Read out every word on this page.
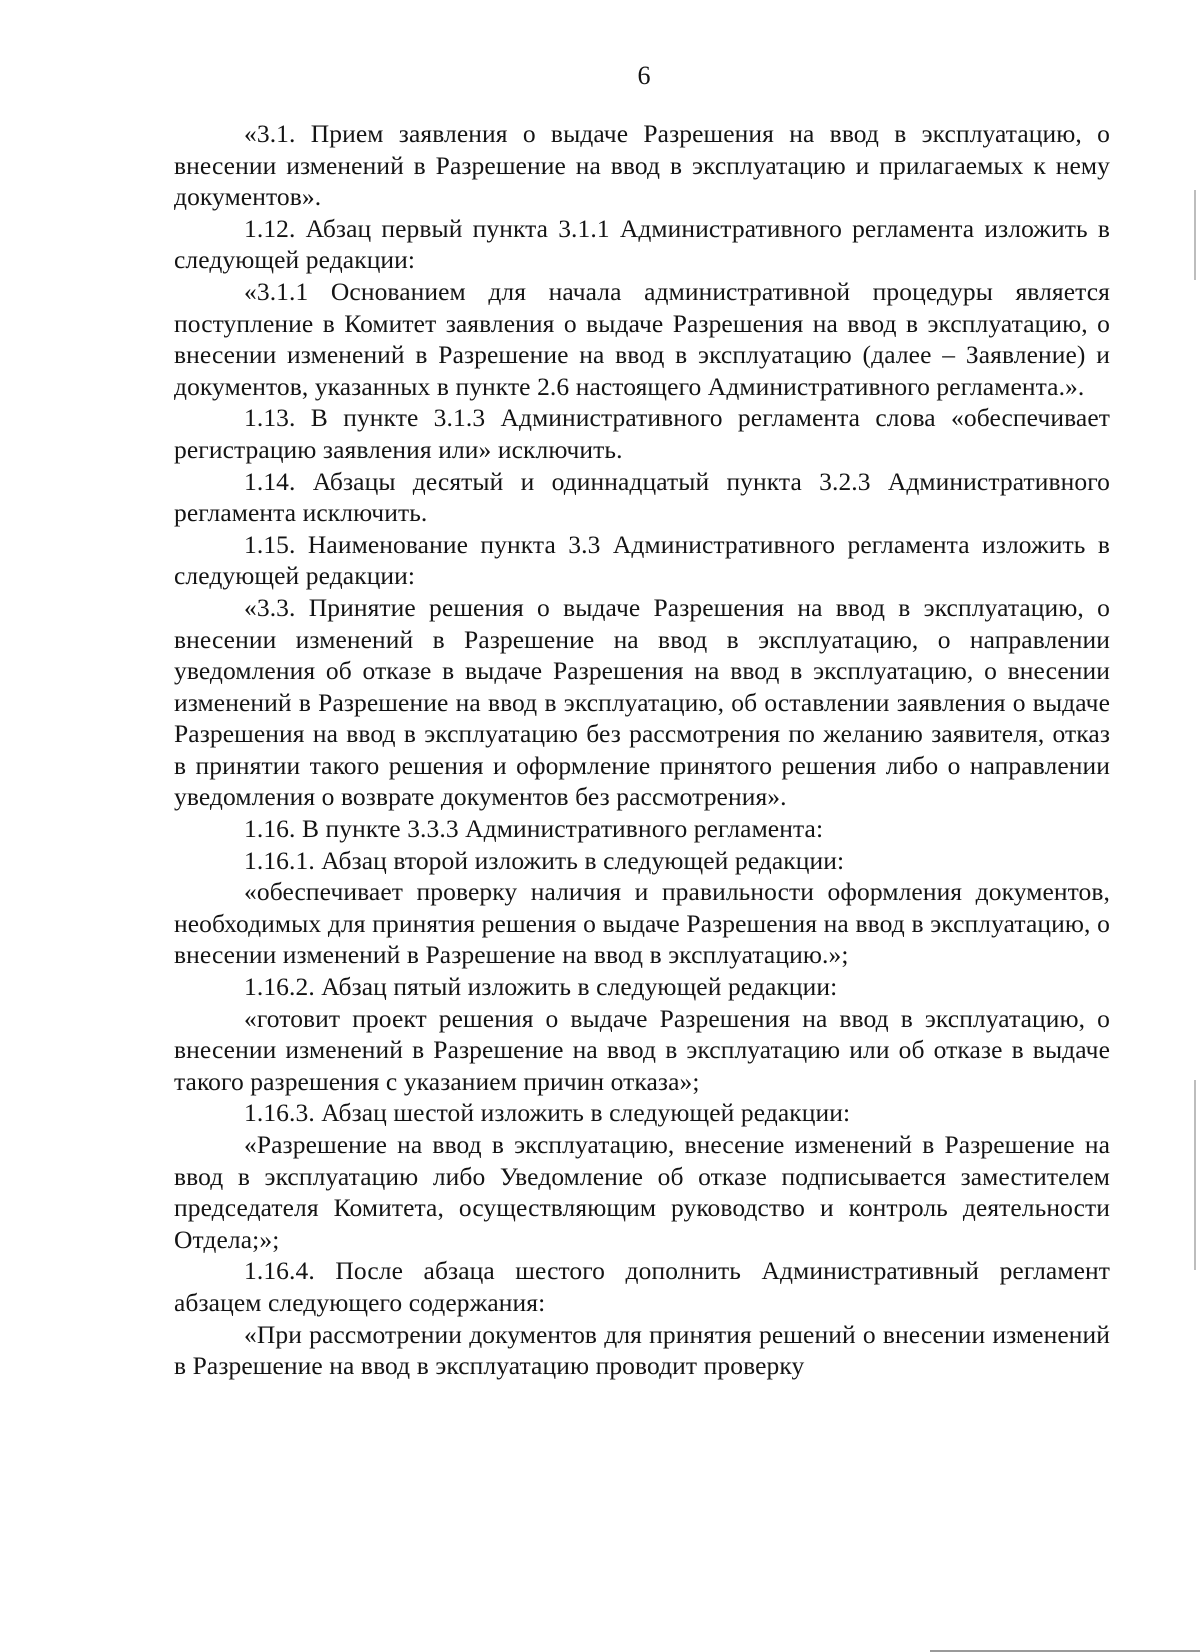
6

«3.1. Прием заявления о выдаче Разрешения на ввод в эксплуатацию, о внесении изменений в Разрешение на ввод в эксплуатацию и прилагаемых к нему документов».

1.12. Абзац первый пункта 3.1.1 Административного регламента изложить в следующей редакции:

«3.1.1 Основанием для начала административной процедуры является поступление в Комитет заявления о выдаче Разрешения на ввод в эксплуатацию, о внесении изменений в Разрешение на ввод в эксплуатацию (далее – Заявление) и документов, указанных в пункте 2.6 настоящего Административного регламента.».

1.13. В пункте 3.1.3 Административного регламента слова «обеспечивает регистрацию заявления или» исключить.

1.14. Абзацы десятый и одиннадцатый пункта 3.2.3 Административного регламента исключить.

1.15. Наименование пункта 3.3 Административного регламента изложить в следующей редакции:

«3.3. Принятие решения о выдаче Разрешения на ввод в эксплуатацию, о внесении изменений в Разрешение на ввод в эксплуатацию, о направлении уведомления об отказе в выдаче Разрешения на ввод в эксплуатацию, о внесении изменений в Разрешение на ввод в эксплуатацию, об оставлении заявления о выдаче Разрешения на ввод в эксплуатацию без рассмотрения по желанию заявителя, отказ в принятии такого решения и оформление принятого решения либо о направлении уведомления о возврате документов без рассмотрения».

1.16. В пункте 3.3.3 Административного регламента:

1.16.1. Абзац второй изложить в следующей редакции:

«обеспечивает проверку наличия и правильности оформления документов, необходимых для принятия решения о выдаче Разрешения на ввод в эксплуатацию, о внесении изменений в Разрешение на ввод в эксплуатацию.»;

1.16.2. Абзац пятый изложить в следующей редакции:

«готовит проект решения о выдаче Разрешения на ввод в эксплуатацию, о внесении изменений в Разрешение на ввод в эксплуатацию или об отказе в выдаче такого разрешения с указанием причин отказа»;

1.16.3. Абзац шестой изложить в следующей редакции:

«Разрешение на ввод в эксплуатацию, внесение изменений в Разрешение на ввод в эксплуатацию либо Уведомление об отказе подписывается заместителем председателя Комитета, осуществляющим руководство и контроль деятельности Отдела;»;

1.16.4. После абзаца шестого дополнить Административный регламент абзацем следующего содержания:

«При рассмотрении документов для принятия решений о внесении изменений в Разрешение на ввод в эксплуатацию проводит проверку
